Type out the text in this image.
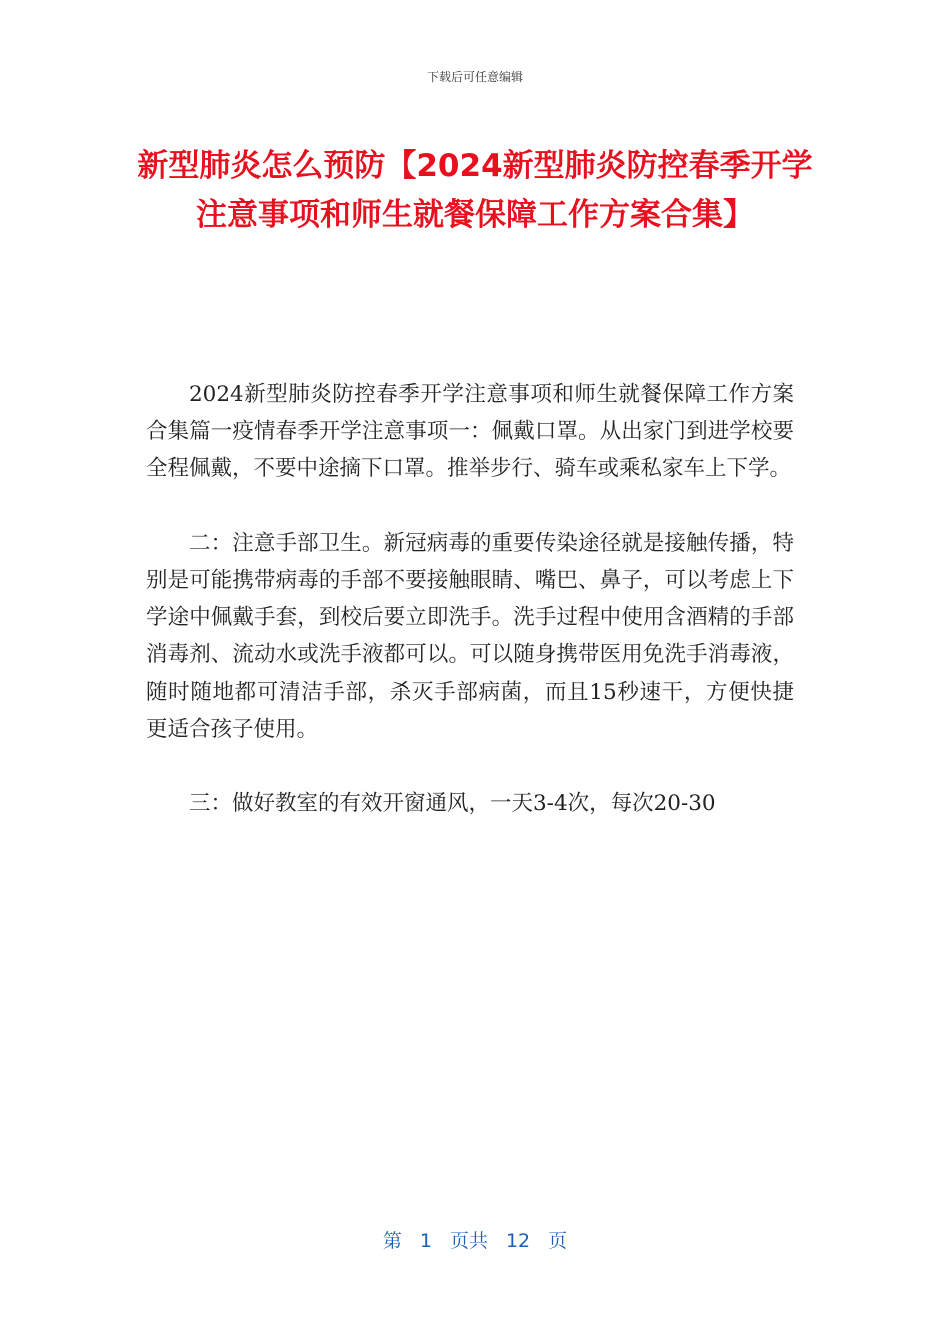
下载后可任意编辑
新型肺炎怎么预防【2024新型肺炎防控春季开学注意事项和师生就餐保障工作方案合集】

2024新型肺炎防控春季开学注意事项和师生就餐保障工作方案合集篇一疫情春季开学注意事项一：佩戴口罩。从出家门到进学校要全程佩戴，不要中途摘下口罩。推举步行、骑车或乘私家车上下学。

二：注意手部卫生。新冠病毒的重要传染途径就是接触传播，特别是可能携带病毒的手部不要接触眼睛、嘴巴、鼻子，可以考虑上下学途中佩戴手套，到校后要立即洗手。洗手过程中使用含酒精的手部消毒剂、流动水或洗手液都可以。可以随身携带医用免洗手消毒液，随时随地都可清洁手部，杀灭手部病菌，而且15秒速干，方便快捷更适合孩子使用。

三：做好教室的有效开窗通风，一天3-4次，每次20-30

第 1 页共 12 页
